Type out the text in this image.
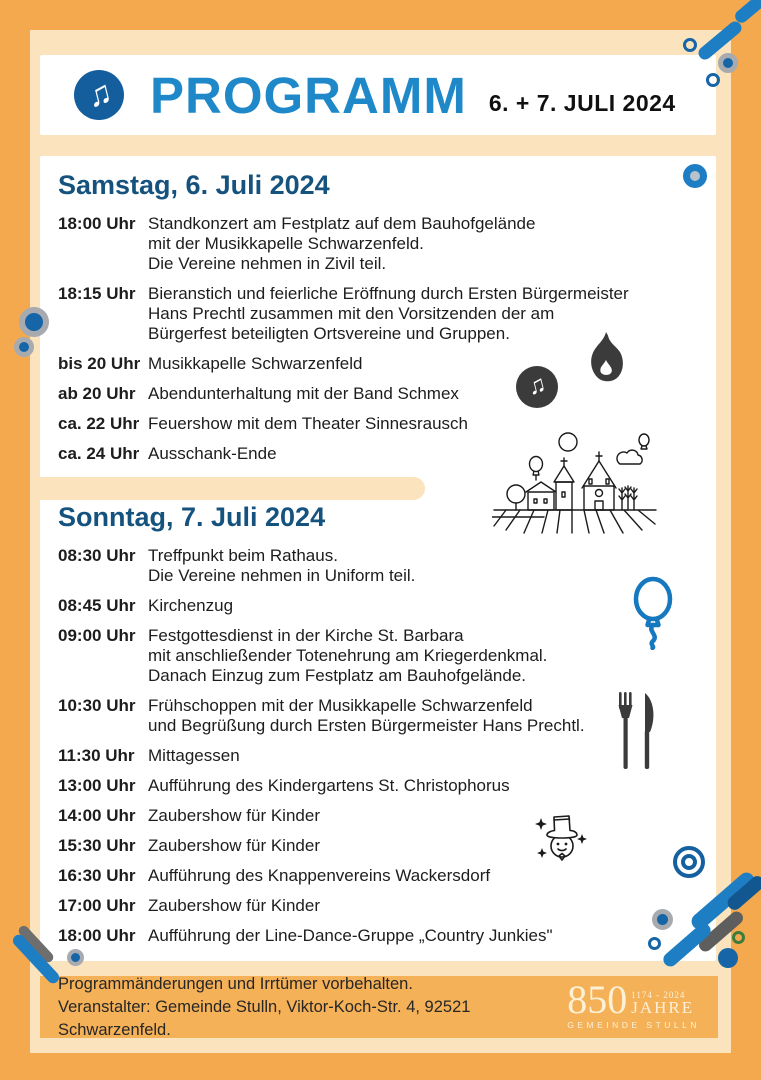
♫ PROGRAMM 6. + 7. JULI 2024
Samstag, 6. Juli 2024
18:00 Uhr Standkonzert am Festplatz auf dem Bauhofgelände
mit der Musikkapelle Schwarzenfeld.
Die Vereine nehmen in Zivil teil.
18:15 Uhr Bieranstich und feierliche Eröffnung durch Ersten Bürgermeister
Hans Prechtl zusammen mit den Vorsitzenden der am
Bürgerfest beteiligten Ortsvereine und Gruppen.
bis 20 Uhr Musikkapelle Schwarzenfeld
ab 20 Uhr Abendunterhaltung mit der Band Schmex
ca. 22 Uhr Feuershow mit dem Theater Sinnesrausch
ca. 24 Uhr Ausschank-Ende
Sonntag, 7. Juli 2024
08:30 Uhr Treffpunkt beim Rathaus.
Die Vereine nehmen in Uniform teil.
08:45 Uhr Kirchenzug
09:00 Uhr Festgottesdienst in der Kirche St. Barbara
mit anschließender Totenehrung am Kriegerdenkmal.
Danach Einzug zum Festplatz am Bauhofgelände.
10:30 Uhr Frühschoppen mit der Musikkapelle Schwarzenfeld
und Begrüßung durch Ersten Bürgermeister Hans Prechtl.
11:30 Uhr Mittagessen
13:00 Uhr Aufführung des Kindergartens St. Christophorus
14:00 Uhr Zaubershow für Kinder
15:30 Uhr Zaubershow für Kinder
16:30 Uhr Aufführung des Knappenvereins Wackersdorf
17:00 Uhr Zaubershow für Kinder
18:00 Uhr Aufführung der Line-Dance-Gruppe „Country Junkies"
Programmänderungen und Irrtümer vorbehalten.
Veranstalter: Gemeinde Stulln, Viktor-Koch-Str. 4, 92521 Schwarzenfeld.
850 1174 - 2024
JAHRE
GEMEINDE STULLN
♫
